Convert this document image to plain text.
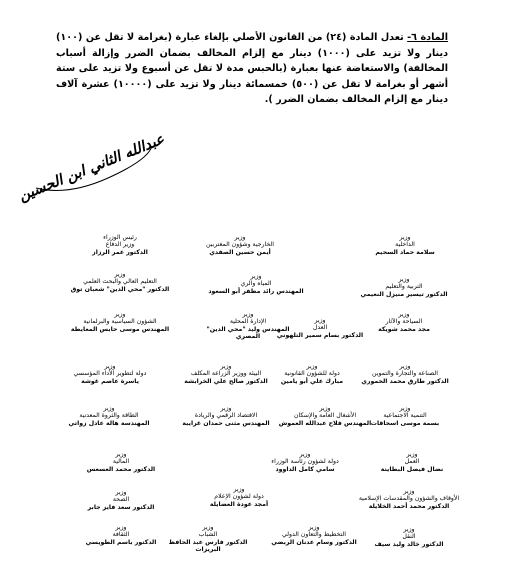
المادة ٦- تعدل المادة (٢٤) من القانون الأصلي بإلغاء عبارة (بغرامة لا تقل عن (١٠٠) دينار ولا تزيد على (١٠٠٠) دينار مع إلزام المخالف بضمان الضرر وإزالة أسباب المخالفة) والاستعاضة عنها بعبارة (بالحبس مدة لا تقل عن أسبوع ولا تزيد على ستة أشهر أو بغرامة لا تقل عن (٥٠٠) خمسمائة دينار ولا تزيد على (١٠٠٠٠) عشرة آلاف دينار مع إلزام المخالف بضمان الضرر ).

عبدالله الثاني ابن الحسين
رئيس الوزراء
وزير الدفاع
الدكتور عمر الرزاز
وزير
الخارجية وشؤون المغتربين
أيمن حسين الصفدي
وزير
الداخلية
سلامة حماد السحيم
وزير
التعليم العالي والبحث العلمي
الدكتور "محي الدين" شعبان توق
وزير
المياه والري
المهندس رائد مظفر أبو السعود
وزير
التربية والتعليم
الدكتور تيسير منيزل النعيمي
وزير
الشؤون السياسية والبرلمانية
المهندس موسى حابس المعايطة
وزير
الإدارة المحلية
المهندس وليد "محي الدين"
المصري
وزير
العدل
الدكتور بسام سمير التلهوني
وزير
السياحة والآثار
مجد محمد شويكة
وزير
دولة لتطوير الأداء المؤسسي
ياسرة عاصم غوشة
وزير
البيئة ووزير الزراعة المكلف
الدكتور صالح علي الخرابشة
وزير
دولة للشؤون القانونية
مبارك علي أبو يامين
وزير
الصناعة والتجارة والتموين
الدكتور طارق محمد الحموري
وزير
الطاقة والثروة المعدنية
المهندسة هالة عادل زواتي
وزير
الاقتصاد الرقمي والريادة
المهندس مثنى حمدان غرايبة
وزير
الأشغال العامة والإسكان
المهندس فلاح عبدالله العموش
وزير
التنمية الاجتماعية
بسمة موسى اسحاقات
وزير
المالية
الدكتور محمد العسعس
وزير
دولة لشؤون رئاسة الوزراء
سامي كامل الداوود
وزير
العمل
نضال فيصل البطاينة
وزير
الصحة
الدكتور سعد فايز جابر
وزير
دولة لشؤون الإعلام
أمجد عودة العضايلة
وزير
الأوقاف والشؤون والمقدسات الإسلامية
الدكتور محمد أحمد الخلايلة
وزير
الثقافة
الدكتور باسم الطويسي
وزير
الشباب
الدكتور فارس عبد الحافظ
البريزات
وزير
التخطيط والتعاون الدولي
الدكتور وسام عدنان الربضي
وزير
النقل
الدكتور خالد وليد سيف
